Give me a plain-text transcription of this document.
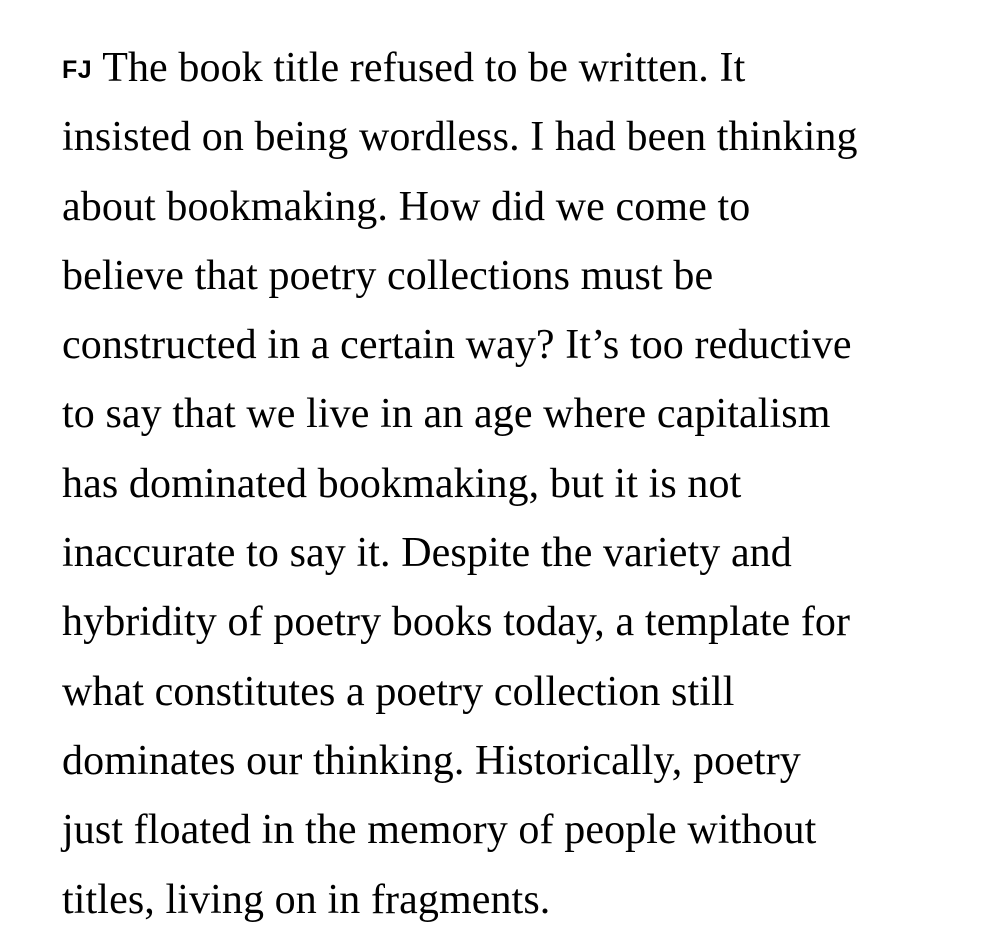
FJ The book title refused to be written. It
insisted on being wordless. I had been thinking
about bookmaking. How did we come to
believe that poetry collections must be
constructed in a certain way? It’s too reductive
to say that we live in an age where capitalism
has dominated bookmaking, but it is not
inaccurate to say it. Despite the variety and
hybridity of poetry books today, a template for
what constitutes a poetry collection still
dominates our thinking. Historically, poetry
just floated in the memory of people without
titles, living on in fragments.
